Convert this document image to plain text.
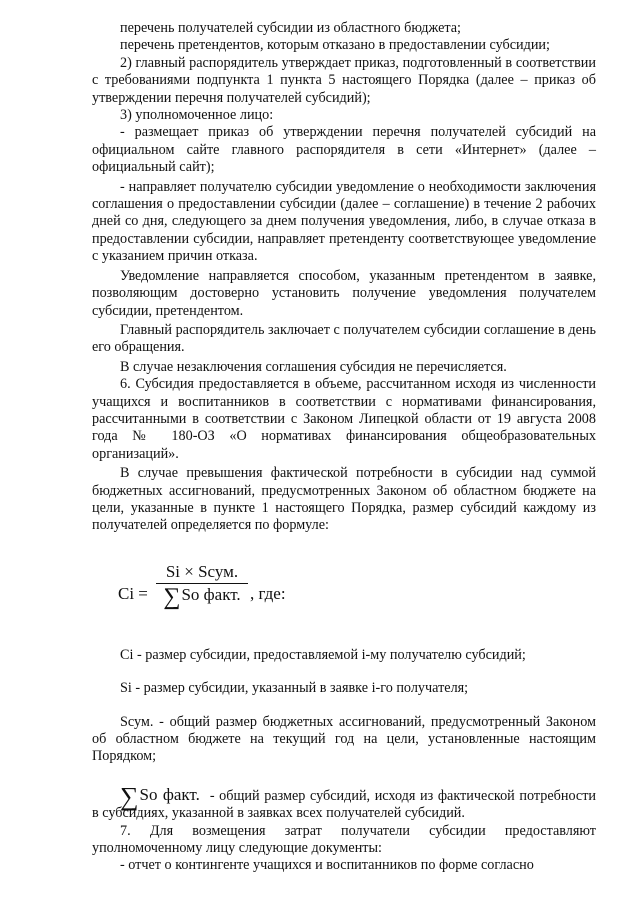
перечень получателей субсидии из областного бюджета;

перечень претендентов, которым отказано в предоставлении субсидии;

2) главный распорядитель утверждает приказ, подготовленный в соответствии с требованиями подпункта 1 пункта 5 настоящего Порядка (далее – приказ об утверждении перечня получателей субсидий);

3) уполномоченное лицо:

- размещает приказ об утверждении перечня получателей субсидий на официальном сайте главного распорядителя в сети «Интернет» (далее – официальный сайт);

- направляет получателю субсидии уведомление о необходимости заключения соглашения о предоставлении субсидии (далее – соглашение) в течение 2 рабочих дней со дня, следующего за днем получения уведомления, либо, в случае отказа в предоставлении субсидии, направляет претенденту соответствующее уведомление с указанием причин отказа.

Уведомление направляется способом, указанным претендентом в заявке, позволяющим достоверно установить получение уведомления получателем субсидии, претендентом.

Главный распорядитель заключает с получателем субсидии соглашение в день его обращения.

В случае незаключения соглашения субсидия не перечисляется.

6. Субсидия предоставляется в объеме, рассчитанном исходя из численности учащихся и воспитанников в соответствии с нормативами финансирования, рассчитанными в соответствии с Законом Липецкой области от 19 августа 2008 года № 180-ОЗ «О нормативах финансирования общеобразовательных организаций».

В случае превышения фактической потребности в субсидии над суммой бюджетных ассигнований, предусмотренных Законом об областном бюджете на цели, указанные в пункте 1 настоящего Порядка, размер субсидий каждому из получателей определяется по формуле:

Ci =
Si × Sсум.
∑So факт. , где:

Ci - размер субсидии, предоставляемой i-му получателю субсидий;

Si - размер субсидии, указанный в заявке i-го получателя;

Sсум. - общий размер бюджетных ассигнований, предусмотренный Законом об областном бюджете на текущий год на цели, установленные настоящим Порядком;

∑So факт. - общий размер субсидий, исходя из фактической потребности в субсидиях, указанной в заявках всех получателей субсидий.

7. Для возмещения затрат получатели субсидии предоставляют уполномоченному лицу следующие документы:

- отчет о контингенте учащихся и воспитанников по форме согласно
